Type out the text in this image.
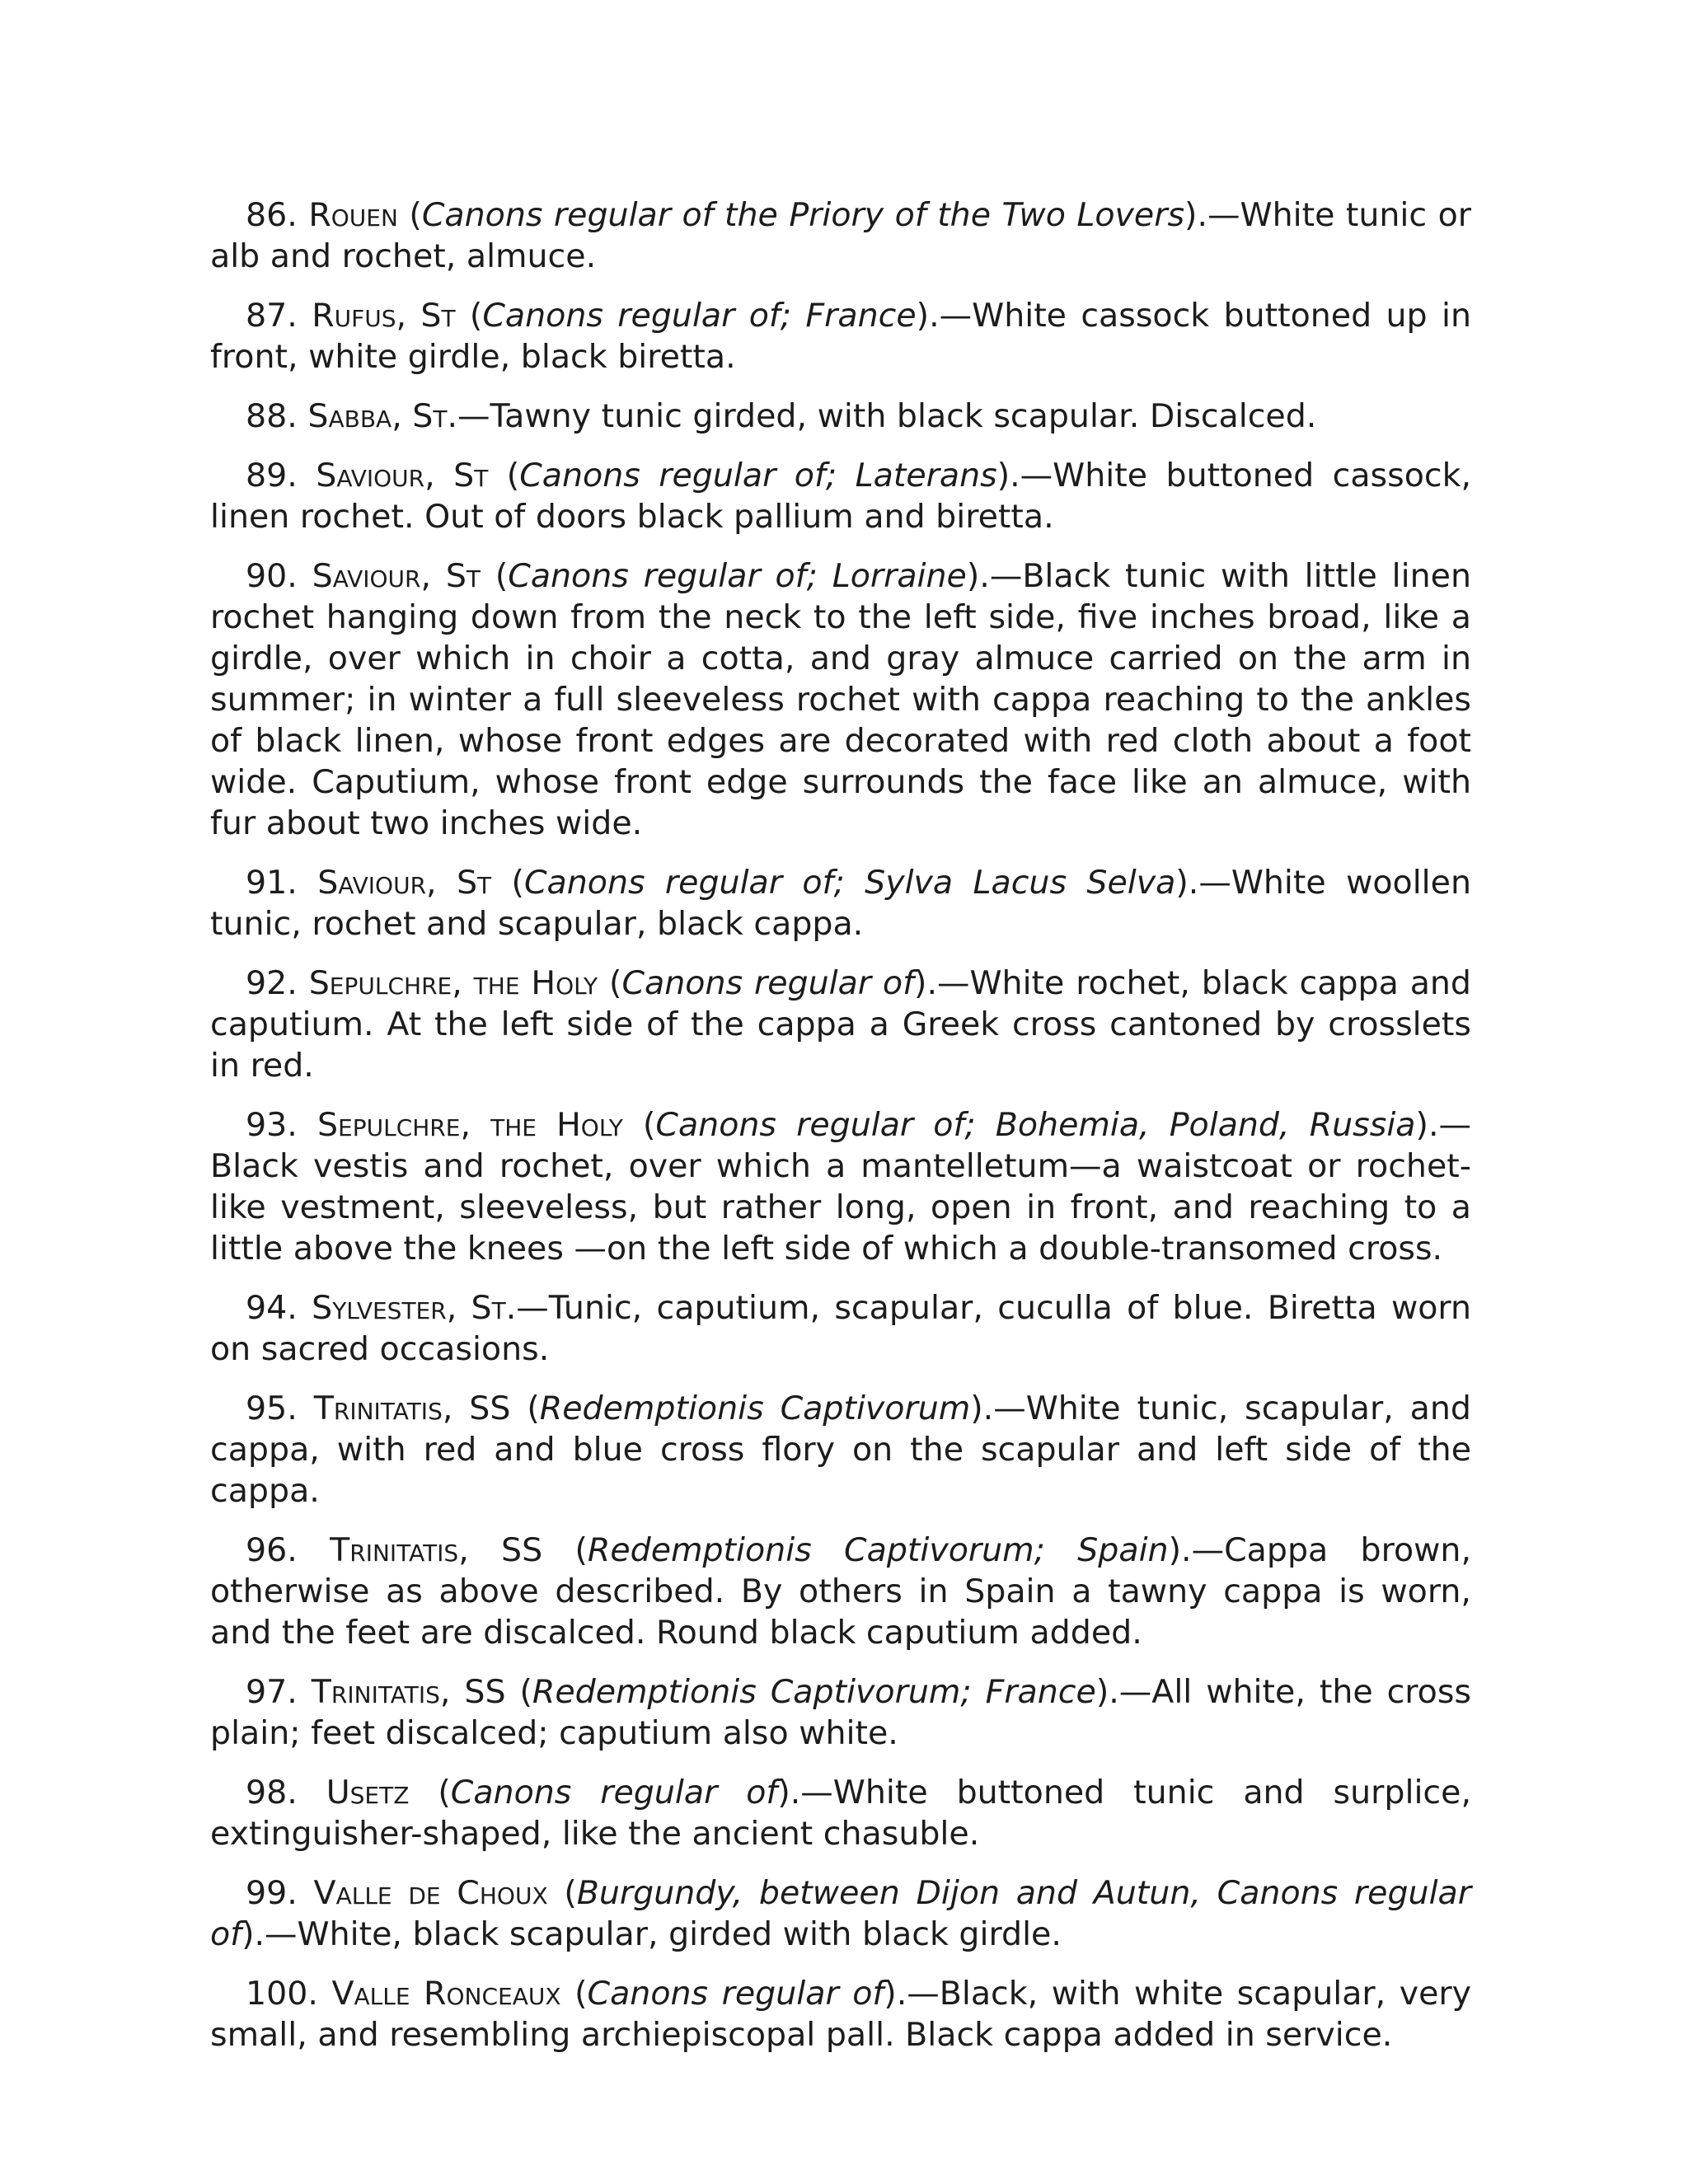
86. Rouen (Canons regular of the Priory of the Two Lovers).—White tunic or alb and rochet, almuce.

87. Rufus, St (Canons regular of; France).—White cassock buttoned up in front, white girdle, black biretta.

88. Sabba, St.—Tawny tunic girded, with black scapular. Discalced.

89. Saviour, St (Canons regular of; Laterans).—White buttoned cassock, linen rochet. Out of doors black pallium and biretta.

90. Saviour, St (Canons regular of; Lorraine).—Black tunic with little linen rochet hanging down from the neck to the left side, five inches broad, like a girdle, over which in choir a cotta, and gray almuce carried on the arm in summer; in winter a full sleeveless rochet with cappa reaching to the ankles of black linen, whose front edges are decorated with red cloth about a foot wide. Caputium, whose front edge surrounds the face like an almuce, with fur about two inches wide.

91. Saviour, St (Canons regular of; Sylva Lacus Selva).—White woollen tunic, rochet and scapular, black cappa.

92. Sepulchre, the Holy (Canons regular of).—White rochet, black cappa and caputium. At the left side of the cappa a Greek cross cantoned by crosslets in red.

93. Sepulchre, the Holy (Canons regular of; Bohemia, Poland, Russia).—Black vestis and rochet, over which a mantelletum—a waistcoat or rochet-like vestment, sleeveless, but rather long, open in front, and reaching to a little above the knees —on the left side of which a double-transomed cross.

94. Sylvester, St.—Tunic, caputium, scapular, cuculla of blue. Biretta worn on sacred occasions.

95. Trinitatis, SS (Redemptionis Captivorum).—White tunic, scapular, and cappa, with red and blue cross flory on the scapular and left side of the cappa.

96. Trinitatis, SS (Redemptionis Captivorum; Spain).—Cappa brown, otherwise as above described. By others in Spain a tawny cappa is worn, and the feet are discalced. Round black caputium added.

97. Trinitatis, SS (Redemptionis Captivorum; France).—All white, the cross plain; feet discalced; caputium also white.

98. Usetz (Canons regular of).—White buttoned tunic and surplice, extinguisher-shaped, like the ancient chasuble.

99. Valle de Choux (Burgundy, between Dijon and Autun, Canons regular of).—White, black scapular, girded with black girdle.

100. Valle Ronceaux (Canons regular of).—Black, with white scapular, very small, and resembling archiepiscopal pall. Black cappa added in service.
